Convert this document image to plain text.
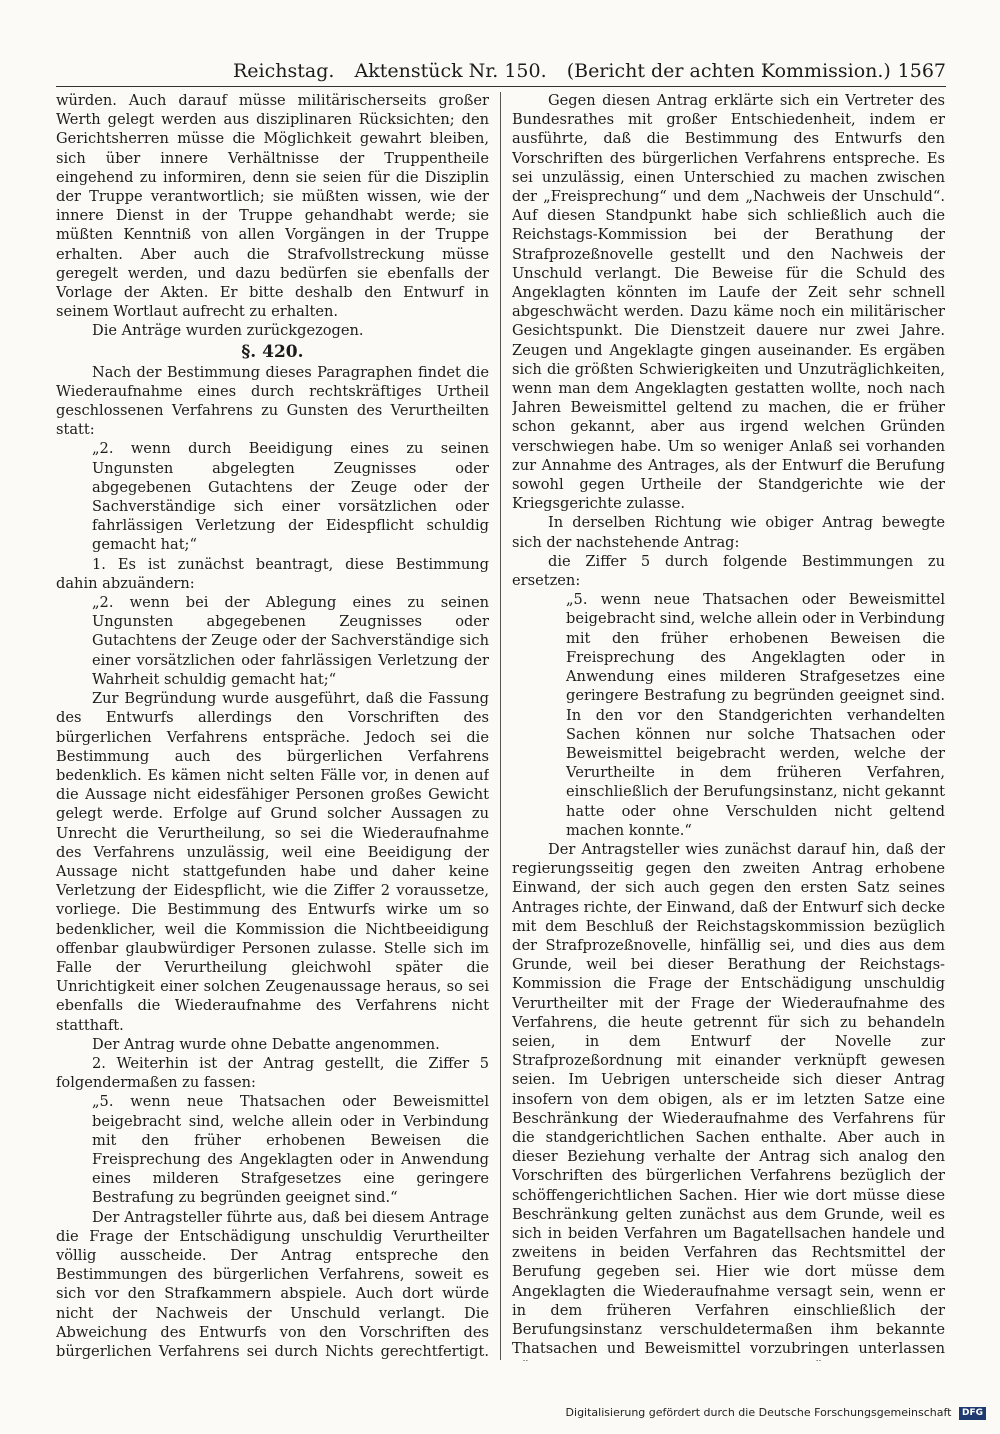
Reichstag. Aktenstück Nr. 150. (Bericht der achten Kommission.) 1567

würden. Auch darauf müsse militärischerseits großer Werth gelegt werden aus disziplinaren Rücksichten; den Gerichtsherren müsse die Möglichkeit gewahrt bleiben, sich über innere Verhältnisse der Truppentheile eingehend zu informiren, denn sie seien für die Disziplin der Truppe verantwortlich; sie müßten wissen, wie der innere Dienst in der Truppe gehandhabt werde; sie müßten Kenntniß von allen Vorgängen in der Truppe erhalten. Aber auch die Strafvollstreckung müsse geregelt werden, und dazu bedürfen sie ebenfalls der Vorlage der Akten. Er bitte deshalb den Entwurf in seinem Wortlaut aufrecht zu erhalten.

Die Anträge wurden zurückgezogen.

§. 420.

Nach der Bestimmung dieses Paragraphen findet die Wiederaufnahme eines durch rechtskräftiges Urtheil geschlossenen Verfahrens zu Gunsten des Verurtheilten statt:

„2. wenn durch Beeidigung eines zu seinen Ungunsten abgelegten Zeugnisses oder abgegebenen Gutachtens der Zeuge oder der Sachverständige sich einer vorsätzlichen oder fahrlässigen Verletzung der Eidespflicht schuldig gemacht hat;“

1. Es ist zunächst beantragt, diese Bestimmung dahin abzuändern:

„2. wenn bei der Ablegung eines zu seinen Ungunsten abgegebenen Zeugnisses oder Gutachtens der Zeuge oder der Sachverständige sich einer vorsätzlichen oder fahrlässigen Verletzung der Wahrheit schuldig gemacht hat;“

Zur Begründung wurde ausgeführt, daß die Fassung des Entwurfs allerdings den Vorschriften des bürgerlichen Verfahrens entspräche. Jedoch sei die Bestimmung auch des bürgerlichen Verfahrens bedenklich. Es kämen nicht selten Fälle vor, in denen auf die Aussage nicht eidesfähiger Personen großes Gewicht gelegt werde. Erfolge auf Grund solcher Aussagen zu Unrecht die Verurtheilung, so sei die Wiederaufnahme des Verfahrens unzulässig, weil eine Beeidigung der Aussage nicht stattgefunden habe und daher keine Verletzung der Eidespflicht, wie die Ziffer 2 voraussetze, vorliege. Die Bestimmung des Entwurfs wirke um so bedenklicher, weil die Kommission die Nichtbeeidigung offenbar glaubwürdiger Personen zulasse. Stelle sich im Falle der Verurtheilung gleichwohl später die Unrichtigkeit einer solchen Zeugenaussage heraus, so sei ebenfalls die Wiederaufnahme des Verfahrens nicht statthaft.

Der Antrag wurde ohne Debatte angenommen.

2. Weiterhin ist der Antrag gestellt, die Ziffer 5 folgendermaßen zu fassen:

„5. wenn neue Thatsachen oder Beweismittel beigebracht sind, welche allein oder in Verbindung mit den früher erhobenen Beweisen die Freisprechung des Angeklagten oder in Anwendung eines milderen Strafgesetzes eine geringere Bestrafung zu begründen geeignet sind.“

Der Antragsteller führte aus, daß bei diesem Antrage die Frage der Entschädigung unschuldig Verurtheilter völlig ausscheide. Der Antrag entspreche den Bestimmungen des bürgerlichen Verfahrens, soweit es sich vor den Strafkammern abspiele. Auch dort würde nicht der Nachweis der Unschuld verlangt. Die Abweichung des Entwurfs von den Vorschriften des bürgerlichen Verfahrens sei durch Nichts gerechtfertigt.

Gegen diesen Antrag erklärte sich ein Vertreter des Bundesrathes mit großer Entschiedenheit, indem er ausführte, daß die Bestimmung des Entwurfs den Vorschriften des bürgerlichen Verfahrens entspreche. Es sei unzulässig, einen Unterschied zu machen zwischen der „Freisprechung“ und dem „Nachweis der Unschuld“. Auf diesen Standpunkt habe sich schließlich auch die Reichstags-Kommission bei der Berathung der Strafprozeßnovelle gestellt und den Nachweis der Unschuld verlangt. Die Beweise für die Schuld des Angeklagten könnten im Laufe der Zeit sehr schnell abgeschwächt werden. Dazu käme noch ein militärischer Gesichtspunkt. Die Dienstzeit dauere nur zwei Jahre. Zeugen und Angeklagte gingen auseinander. Es ergäben sich die größten Schwierigkeiten und Unzuträglichkeiten, wenn man dem Angeklagten gestatten wollte, noch nach Jahren Beweismittel geltend zu machen, die er früher schon gekannt, aber aus irgend welchen Gründen verschwiegen habe. Um so weniger Anlaß sei vorhanden zur Annahme des Antrages, als der Entwurf die Berufung sowohl gegen Urtheile der Standgerichte wie der Kriegsgerichte zulasse.

In derselben Richtung wie obiger Antrag bewegte sich der nachstehende Antrag:

die Ziffer 5 durch folgende Bestimmungen zu ersetzen:

„5. wenn neue Thatsachen oder Beweismittel beigebracht sind, welche allein oder in Verbindung mit den früher erhobenen Beweisen die Freisprechung des Angeklagten oder in Anwendung eines milderen Strafgesetzes eine geringere Bestrafung zu begründen geeignet sind. In den vor den Standgerichten verhandelten Sachen können nur solche Thatsachen oder Beweismittel beigebracht werden, welche der Verurtheilte in dem früheren Verfahren, einschließlich der Berufungsinstanz, nicht gekannt hatte oder ohne Verschulden nicht geltend machen konnte.“

Der Antragsteller wies zunächst darauf hin, daß der regierungsseitig gegen den zweiten Antrag erhobene Einwand, der sich auch gegen den ersten Satz seines Antrages richte, der Einwand, daß der Entwurf sich decke mit dem Beschluß der Reichstagskommission bezüglich der Strafprozeßnovelle, hinfällig sei, und dies aus dem Grunde, weil bei dieser Berathung der Reichstags-Kommission die Frage der Entschädigung unschuldig Verurtheilter mit der Frage der Wiederaufnahme des Verfahrens, die heute getrennt für sich zu behandeln seien, in dem Entwurf der Novelle zur Strafprozeßordnung mit einander verknüpft gewesen seien. Im Uebrigen unterscheide sich dieser Antrag insofern von dem obigen, als er im letzten Satze eine Beschränkung der Wiederaufnahme des Verfahrens für die standgerichtlichen Sachen enthalte. Aber auch in dieser Beziehung verhalte der Antrag sich analog den Vorschriften des bürgerlichen Verfahrens bezüglich der schöffengerichtlichen Sachen. Hier wie dort müsse diese Beschränkung gelten zunächst aus dem Grunde, weil es sich in beiden Verfahren um Bagatellsachen handele und zweitens in beiden Verfahren das Rechtsmittel der Berufung gegeben sei. Hier wie dort müsse dem Angeklagten die Wiederaufnahme versagt sein, wenn er in dem früheren Verfahren einschließlich der Berufungsinstanz verschuldetermaßen ihm bekannte Thatsachen und Beweismittel vorzubringen unterlassen

Digitalisierung gefördert durch die Deutsche Forschungsgemeinschaft DFG
